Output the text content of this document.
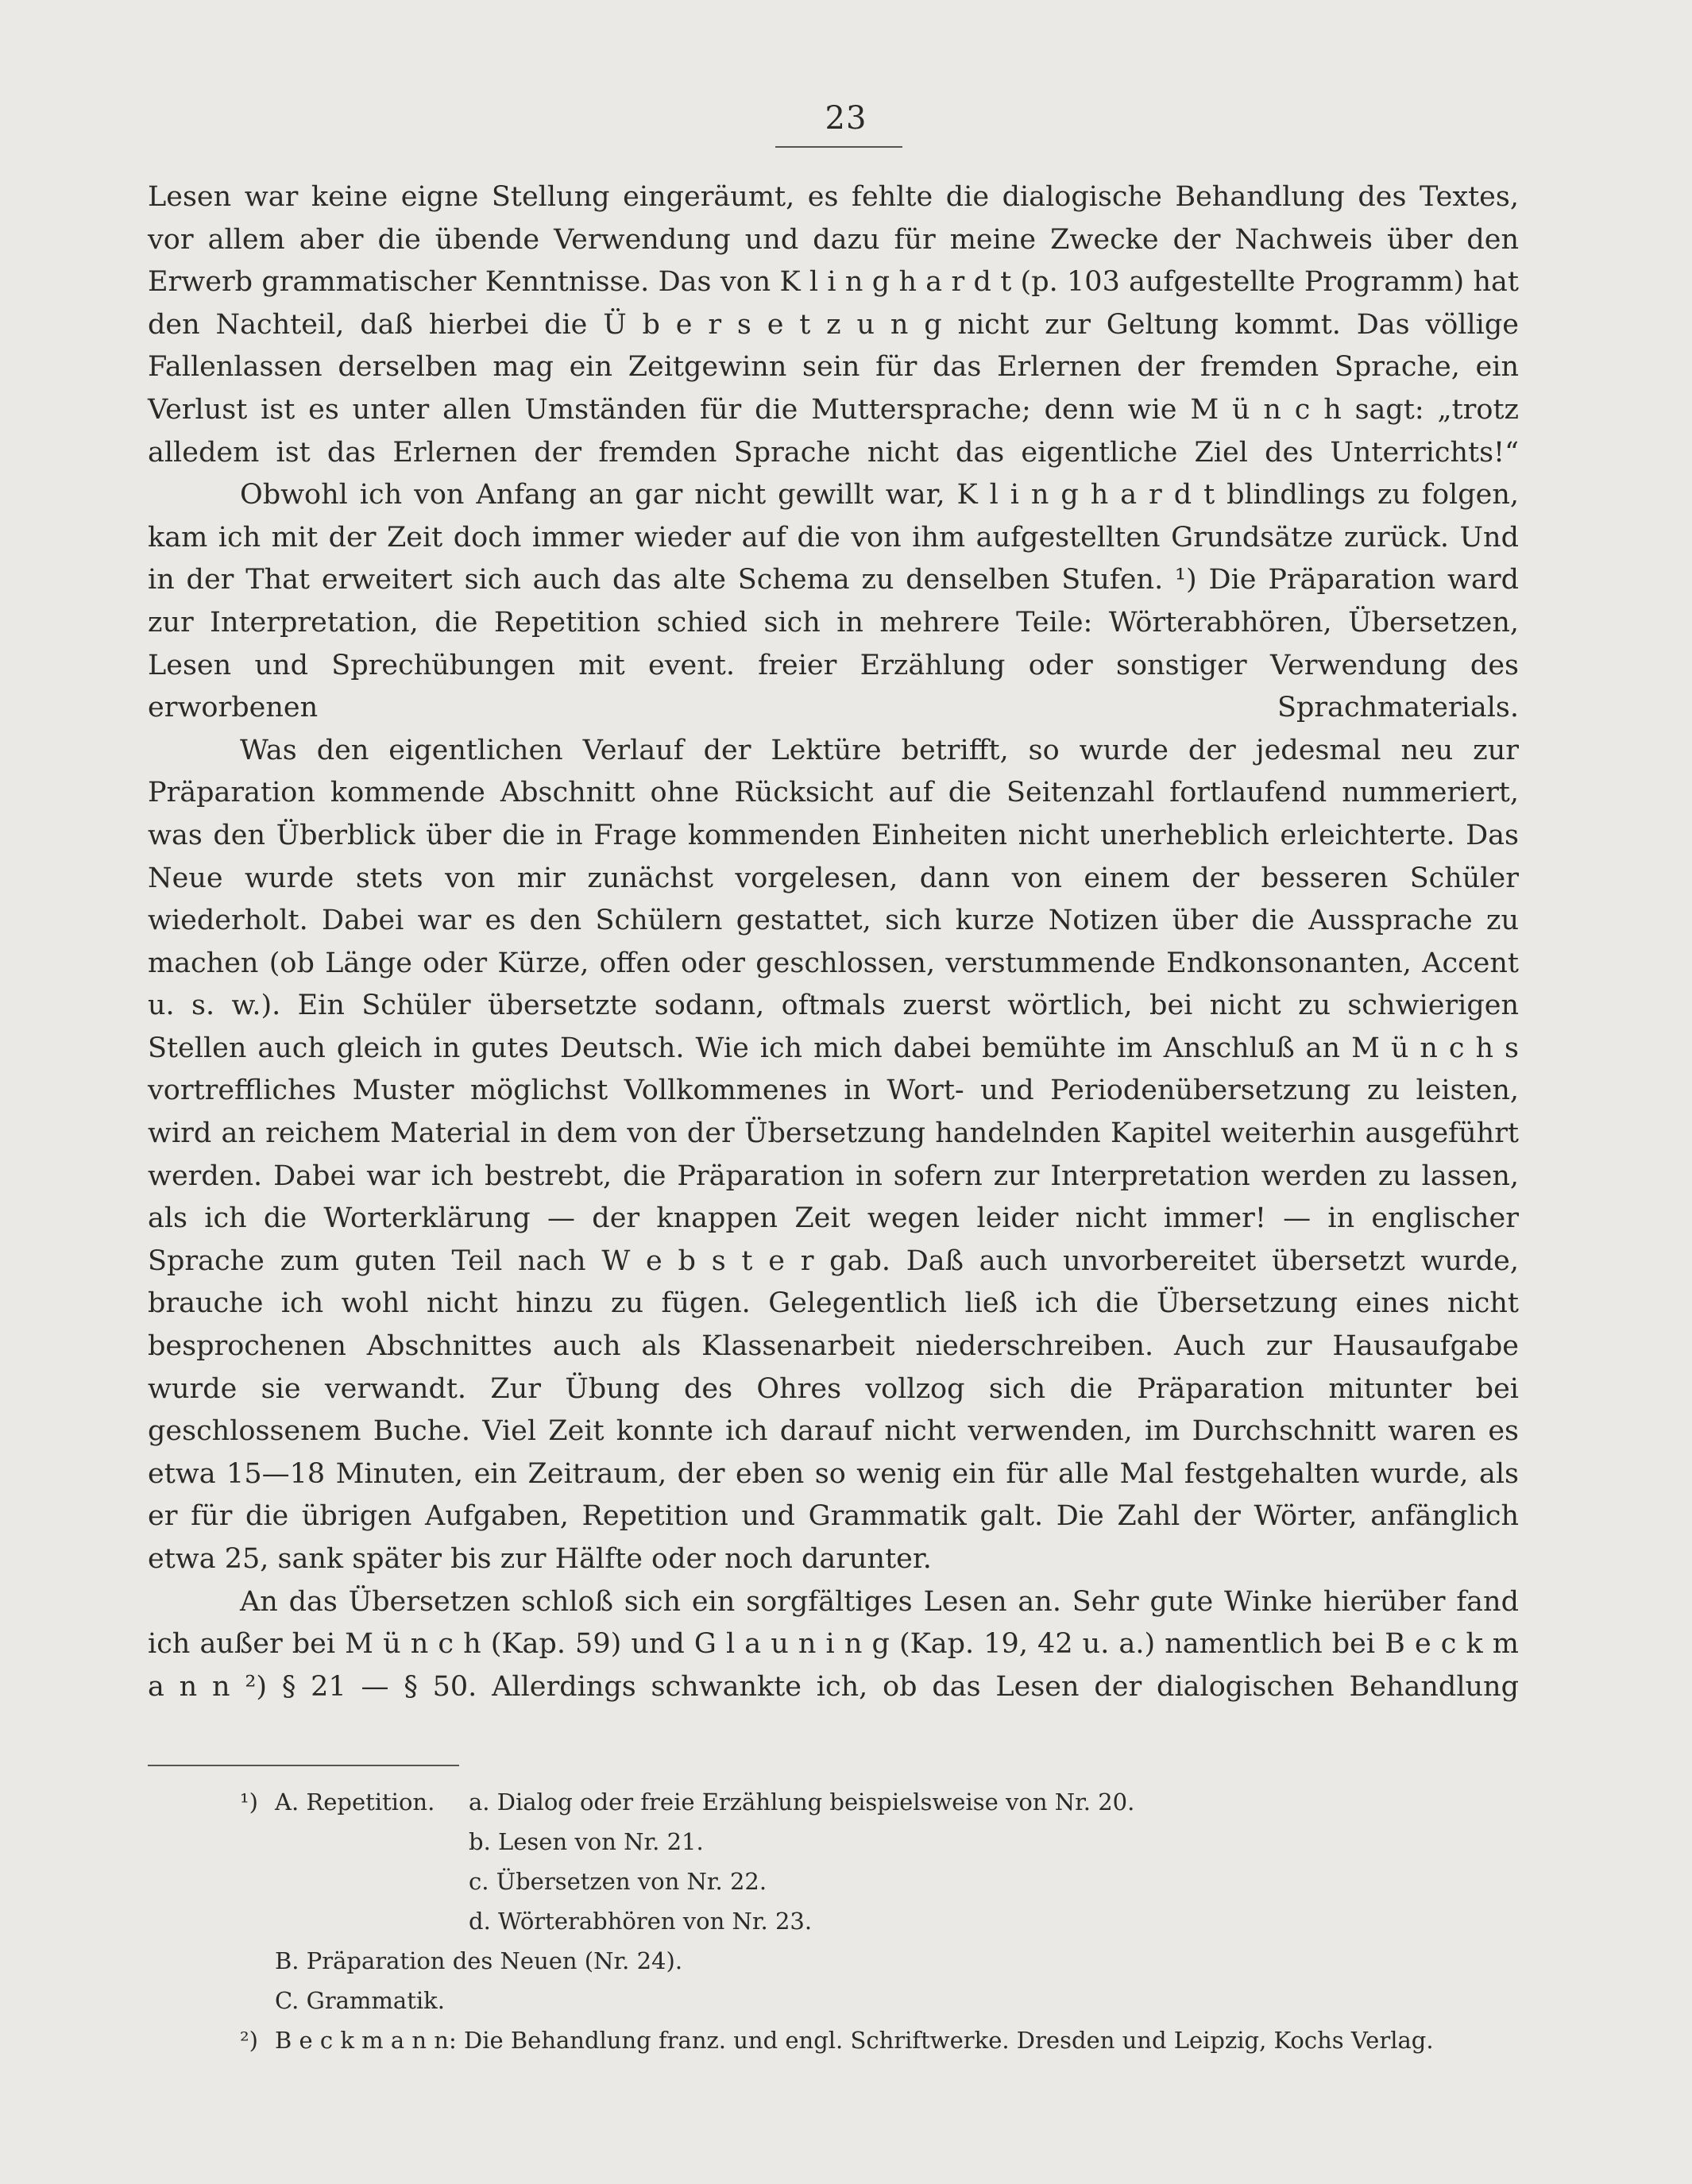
23

Lesen war keine eigne Stellung eingeräumt, es fehlte die dialogische Behandlung des Textes, vor allem aber die übende Verwendung und dazu für meine Zwecke der Nachweis über den Erwerb grammatischer Kenntnisse. Das von K l i n g h a r d t (p. 103 aufgestellte Programm) hat den Nachteil, daß hierbei die Ü b e r s e t z u n g nicht zur Geltung kommt. Das völlige Fallenlassen derselben mag ein Zeitgewinn sein für das Erlernen der fremden Sprache, ein Verlust ist es unter allen Umständen für die Muttersprache; denn wie M ü n c h sagt: „trotz alledem ist das Erlernen der fremden Sprache nicht das eigentliche Ziel des Unterrichts!“

Obwohl ich von Anfang an gar nicht gewillt war, K l i n g h a r d t blindlings zu folgen, kam ich mit der Zeit doch immer wieder auf die von ihm aufgestellten Grundsätze zurück. Und in der That erweitert sich auch das alte Schema zu denselben Stufen. ¹) Die Präparation ward zur Interpretation, die Repetition schied sich in mehrere Teile: Wörterabhören, Übersetzen, Lesen und Sprechübungen mit event. freier Erzählung oder sonstiger Verwendung des erworbenen Sprachmaterials.

Was den eigentlichen Verlauf der Lektüre betrifft, so wurde der jedesmal neu zur Präparation kommende Abschnitt ohne Rücksicht auf die Seitenzahl fortlaufend nummeriert, was den Überblick über die in Frage kommenden Einheiten nicht unerheblich erleichterte. Das Neue wurde stets von mir zunächst vorgelesen, dann von einem der besseren Schüler wiederholt. Dabei war es den Schülern gestattet, sich kurze Notizen über die Aussprache zu machen (ob Länge oder Kürze, offen oder geschlossen, verstummende Endkonsonanten, Accent u. s. w.). Ein Schüler übersetzte sodann, oftmals zuerst wörtlich, bei nicht zu schwierigen Stellen auch gleich in gutes Deutsch. Wie ich mich dabei bemühte im Anschluß an M ü n c h s vortreffliches Muster möglichst Vollkommenes in Wort- und Periodenübersetzung zu leisten, wird an reichem Material in dem von der Übersetzung handelnden Kapitel weiterhin ausgeführt werden. Dabei war ich bestrebt, die Präparation in sofern zur Interpretation werden zu lassen, als ich die Worterklärung — der knappen Zeit wegen leider nicht immer! — in englischer Sprache zum guten Teil nach W e b s t e r gab. Daß auch unvorbereitet übersetzt wurde, brauche ich wohl nicht hinzu zu fügen. Gelegentlich ließ ich die Übersetzung eines nicht besprochenen Abschnittes auch als Klassenarbeit niederschreiben. Auch zur Hausaufgabe wurde sie verwandt. Zur Übung des Ohres vollzog sich die Präparation mitunter bei geschlossenem Buche. Viel Zeit konnte ich darauf nicht verwenden, im Durchschnitt waren es etwa 15—18 Minuten, ein Zeitraum, der eben so wenig ein für alle Mal festgehalten wurde, als er für die übrigen Aufgaben, Repetition und Grammatik galt. Die Zahl der Wörter, anfänglich etwa 25, sank später bis zur Hälfte oder noch darunter.

An das Übersetzen schloß sich ein sorgfältiges Lesen an. Sehr gute Winke hierüber fand ich außer bei M ü n c h (Kap. 59) und G l a u n i n g (Kap. 19, 42 u. a.) namentlich bei B e c k m a n n ²) § 21 — § 50. Allerdings schwankte ich, ob das Lesen der dialogischen Behandlung

¹) A. Repetition. a. Dialog oder freie Erzählung beispielsweise von Nr. 20.
b. Lesen von Nr. 21.
c. Übersetzen von Nr. 22.
d. Wörterabhören von Nr. 23.
B. Präparation des Neuen (Nr. 24).
C. Grammatik.
²) B e c k m a n n: Die Behandlung franz. und engl. Schriftwerke. Dresden und Leipzig, Kochs Verlag.
